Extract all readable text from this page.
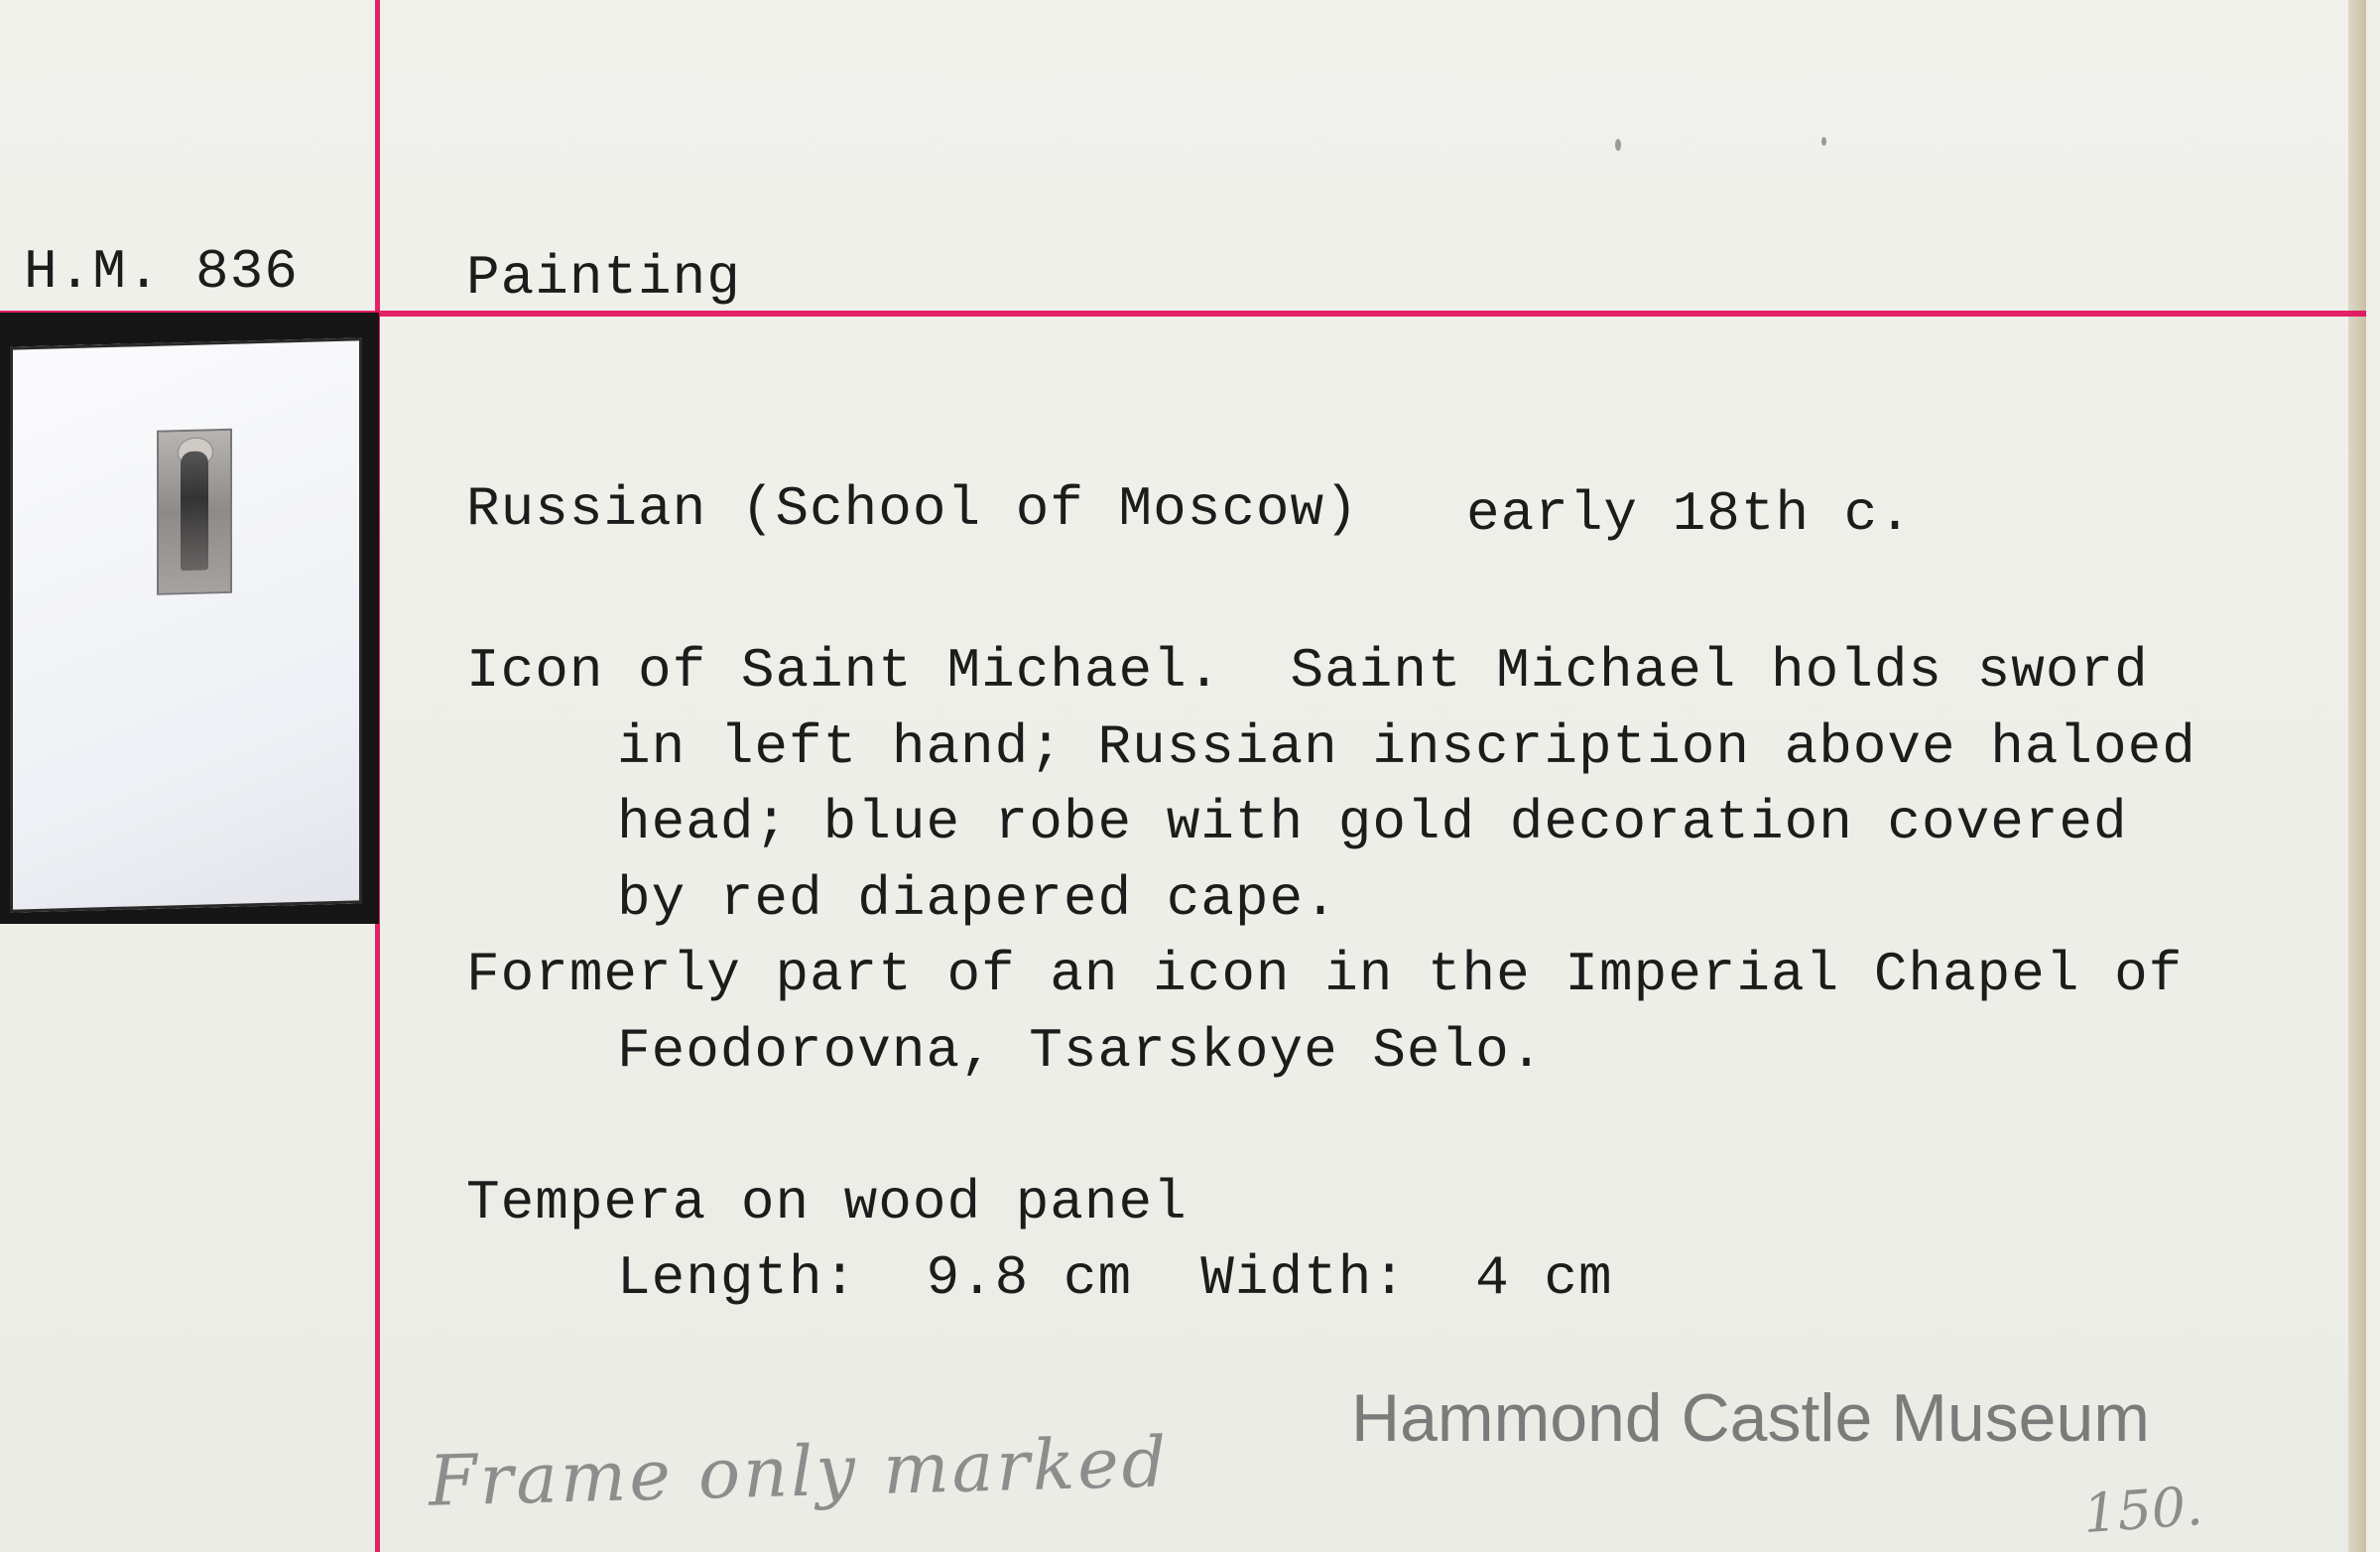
H.M. 836	Painting
Russian (School of Moscow) early 18th c.
Icon of Saint Michael.  Saint Michael holds sword
in left hand; Russian inscription above haloed
head; blue robe with gold decoration covered
by red diapered cape.
Formerly part of an icon in the Imperial Chapel of
Feodorovna, Tsarskoye Selo.

Tempera on wood panel
Length:  9.8 cm  Width:  4 cm
Hammond Castle Museum
Frame only marked	150.
